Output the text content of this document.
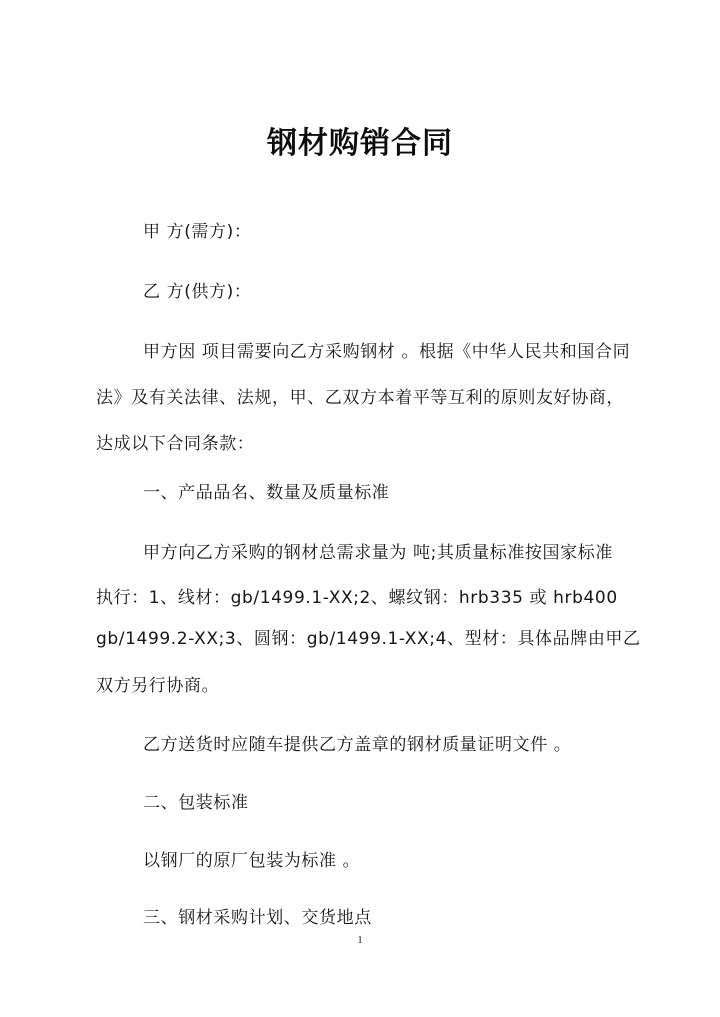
钢材购销合同
甲 方(需方)：
乙 方(供方)：
甲方因 项目需要向乙方采购钢材 。根据《中华人民共和国合同
法》及有关法律、法规，甲、乙双方本着平等互利的原则友好协商，
达成以下合同条款：
一、产品品名、数量及质量标准
甲方向乙方采购的钢材总需求量为 吨;其质量标准按国家标准
执行：1、线材：gb/1499.1-XX;2、螺纹钢：hrb335 或 hrb400
gb/1499.2-XX;3、圆钢：gb/1499.1-XX;4、型材：具体品牌由甲乙
双方另行协商。
乙方送货时应随车提供乙方盖章的钢材质量证明文件 。
二、包装标准
以钢厂的原厂包装为标准 。
三、钢材采购计划、交货地点
1
